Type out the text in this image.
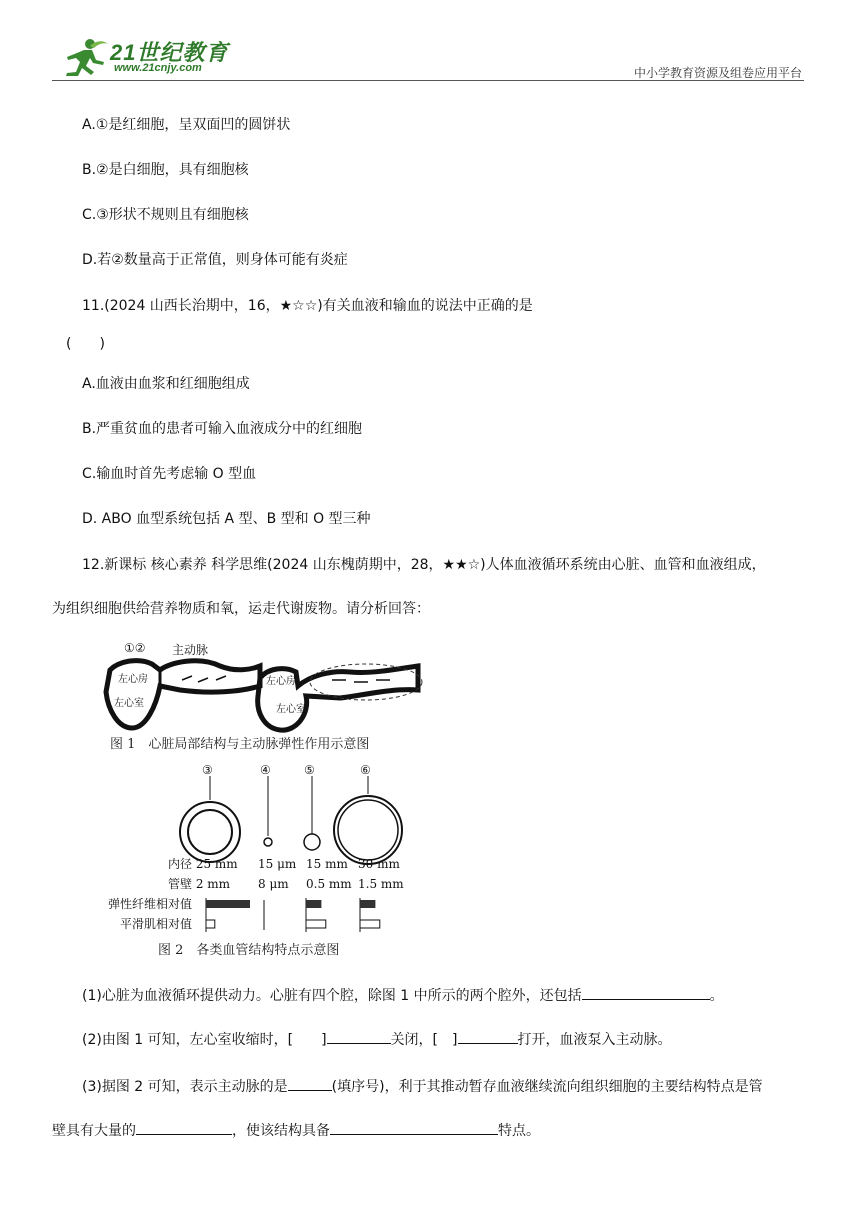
21世纪教育
www.21cnjy.com	中小学教育资源及组卷应用平台
A.①是红细胞，呈双面凹的圆饼状
B.②是白细胞，具有细胞核
C.③形状不规则且有细胞核
D.若②数量高于正常值，则身体可能有炎症
11.(2024 山西长治期中，16，★☆☆)有关血液和输血的说法中正确的是
(　　)
A.血液由血浆和红细胞组成
B.严重贫血的患者可输入血液成分中的红细胞
C.输血时首先考虑输 O 型血
D. ABO 血型系统包括 A 型、B 型和 O 型三种
12.新课标 核心素养 科学思维(2024 山东槐荫期中，28，★★☆)人体血液循环系统由心脏、血管和血液组成，
为组织细胞供给营养物质和氧，运走代谢废物。请分析回答：
左心房
左心室
①② 主动脉
左心房
左心室
图 1　心脏局部结构与主动脉弹性作用示意图
③	④	⑤	⑥
内径 25 mm 15 μm 15 mm 30 mm
管壁 2 mm 8 μm 0.5 mm 1.5 mm
弹性纤维相对值
平滑肌相对值
图 2　各类血管结构特点示意图
(1)心脏为血液循环提供动力。心脏有四个腔，除图 1 中所示的两个腔外，还包括	。
(2)由图 1 可知，左心室收缩时，[　　]	关闭，[　]	打开，血液泵入主动脉。
(3)据图 2 可知，表示主动脉的是	(填序号)，利于其推动暂存血液继续流向组织细胞的主要结构特点是管
壁具有大量的	，使该结构具备	特点。
